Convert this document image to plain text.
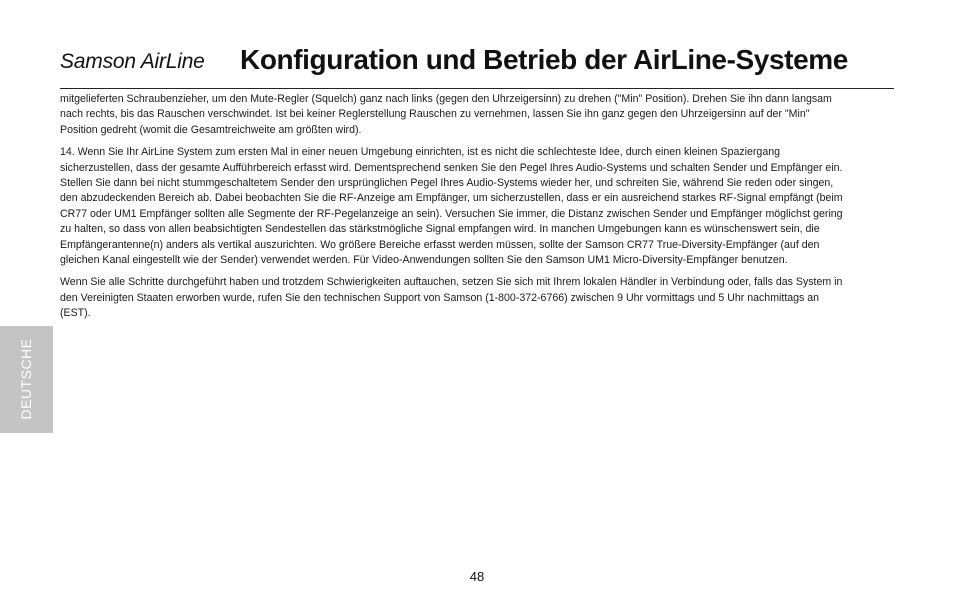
Samson AirLine Konfiguration und Betrieb der AirLine-Systeme

mitgelieferten Schraubenzieher, um den Mute-Regler (Squelch) ganz nach links (gegen den Uhrzeigersinn) zu drehen ("Min" Position). Drehen Sie ihn dann langsam nach rechts, bis das Rauschen verschwindet. Ist bei keiner Reglerstellung Rauschen zu vernehmen, lassen Sie ihn ganz gegen den Uhrzeigersinn auf der "Min" Position gedreht (womit die Gesamtreichweite am größten wird).

14. Wenn Sie Ihr AirLine System zum ersten Mal in einer neuen Umgebung einrichten, ist es nicht die schlechteste Idee, durch einen kleinen Spaziergang sicherzustellen, dass der gesamte Aufführbereich erfasst wird. Dementsprechend senken Sie den Pegel Ihres Audio-Systems und schalten Sender und Empfänger ein. Stellen Sie dann bei nicht stummgeschaltetem Sender den ursprünglichen Pegel Ihres Audio-Systems wieder her, und schreiten Sie, während Sie reden oder singen, den abzudeckenden Bereich ab. Dabei beobachten Sie die RF-Anzeige am Empfänger, um sicherzustellen, dass er ein ausreichend starkes RF-Signal empfängt (beim CR77 oder UM1 Empfänger sollten alle Segmente der RF-Pegelanzeige an sein). Versuchen Sie immer, die Distanz zwischen Sender und Empfänger möglichst gering zu halten, so dass von allen beabsichtigten Sendestellen das stärkstmögliche Signal empfangen wird. In manchen Umgebungen kann es wünschenswert sein, die Empfängerantenne(n) anders als vertikal auszurichten. Wo größere Bereiche erfasst werden müssen, sollte der Samson CR77 True-Diversity-Empfänger (auf den gleichen Kanal eingestellt wie der Sender) verwendet werden. Für Video-Anwendungen sollten Sie den Samson UM1 Micro-Diversity-Empfänger benutzen.

Wenn Sie alle Schritte durchgeführt haben und trotzdem Schwierigkeiten auftauchen, setzen Sie sich mit Ihrem lokalen Händler in Verbindung oder, falls das System in den Vereinigten Staaten erworben wurde, rufen Sie den technischen Support von Samson (1-800-372-6766) zwischen 9 Uhr vormittags und 5 Uhr nachmittags an (EST).

DEUTSCHE
48
